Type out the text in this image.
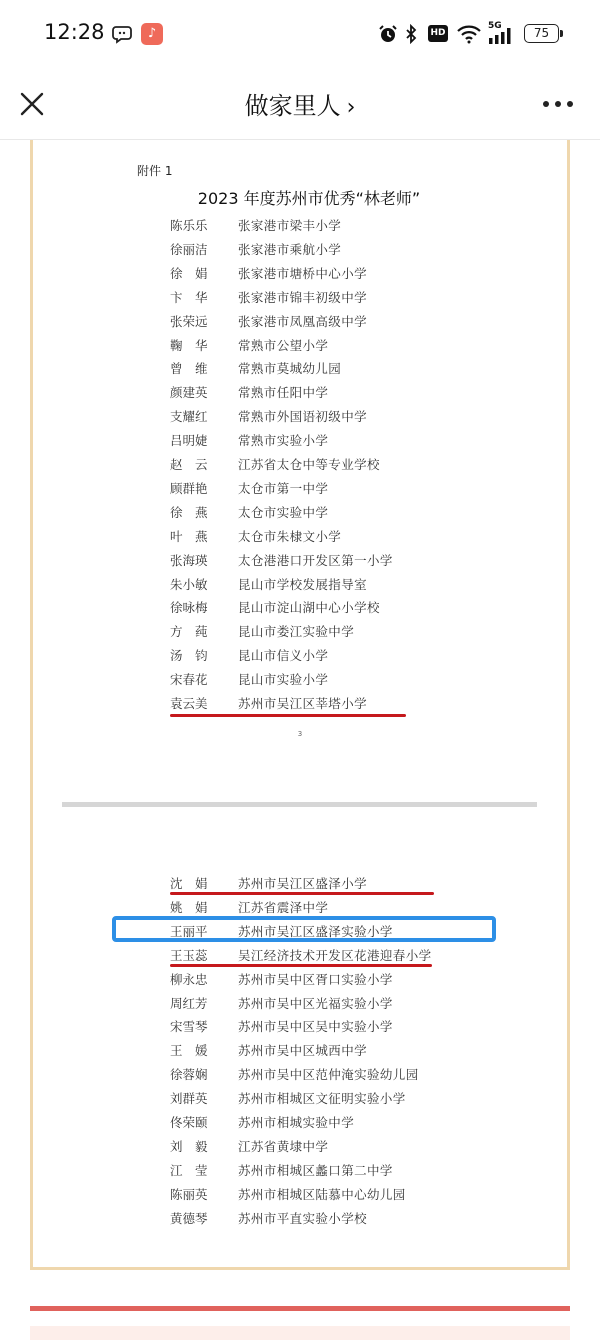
12:28	♪	HD
5G	75
做家里人 ›
附件 1
2023 年度苏州市优秀“林老师”
陈乐乐 张家港市梁丰小学
徐丽洁 张家港市乘航小学
徐　娟 张家港市塘桥中心小学
卞　华 张家港市锦丰初级中学
张荣远 张家港市凤凰高级中学
鞠　华 常熟市公望小学
曾　维 常熟市莫城幼儿园
颜建英 常熟市任阳中学
支耀红 常熟市外国语初级中学
吕明婕 常熟市实验小学
赵　云 江苏省太仓中等专业学校
顾群艳 太仓市第一中学
徐　燕 太仓市实验中学
叶　燕 太仓市朱棣文小学
张海瑛 太仓港港口开发区第一小学
朱小敏 昆山市学校发展指导室
徐咏梅 昆山市淀山湖中心小学校
方　莼 昆山市娄江实验中学
汤　钧 昆山市信义小学
宋春花 昆山市实验小学
袁云美 苏州市吴江区莘塔小学
3
沈　娟 苏州市吴江区盛泽小学
姚　娟 江苏省震泽中学
王丽平 苏州市吴江区盛泽实验小学
王玉蕊 吴江经济技术开发区花港迎春小学
柳永忠 苏州市吴中区胥口实验小学
周红芳 苏州市吴中区光福实验小学
宋雪琴 苏州市吴中区吴中实验小学
王　媛 苏州市吴中区城西中学
徐蓉娴 苏州市吴中区范仲淹实验幼儿园
刘群英 苏州市相城区文征明实验小学
佟荣颐 苏州市相城实验中学
刘　毅 江苏省黄埭中学
江　莹 苏州市相城区蠡口第二中学
陈丽英 苏州市相城区陆慕中心幼儿园
黄德琴 苏州市平直实验小学校
